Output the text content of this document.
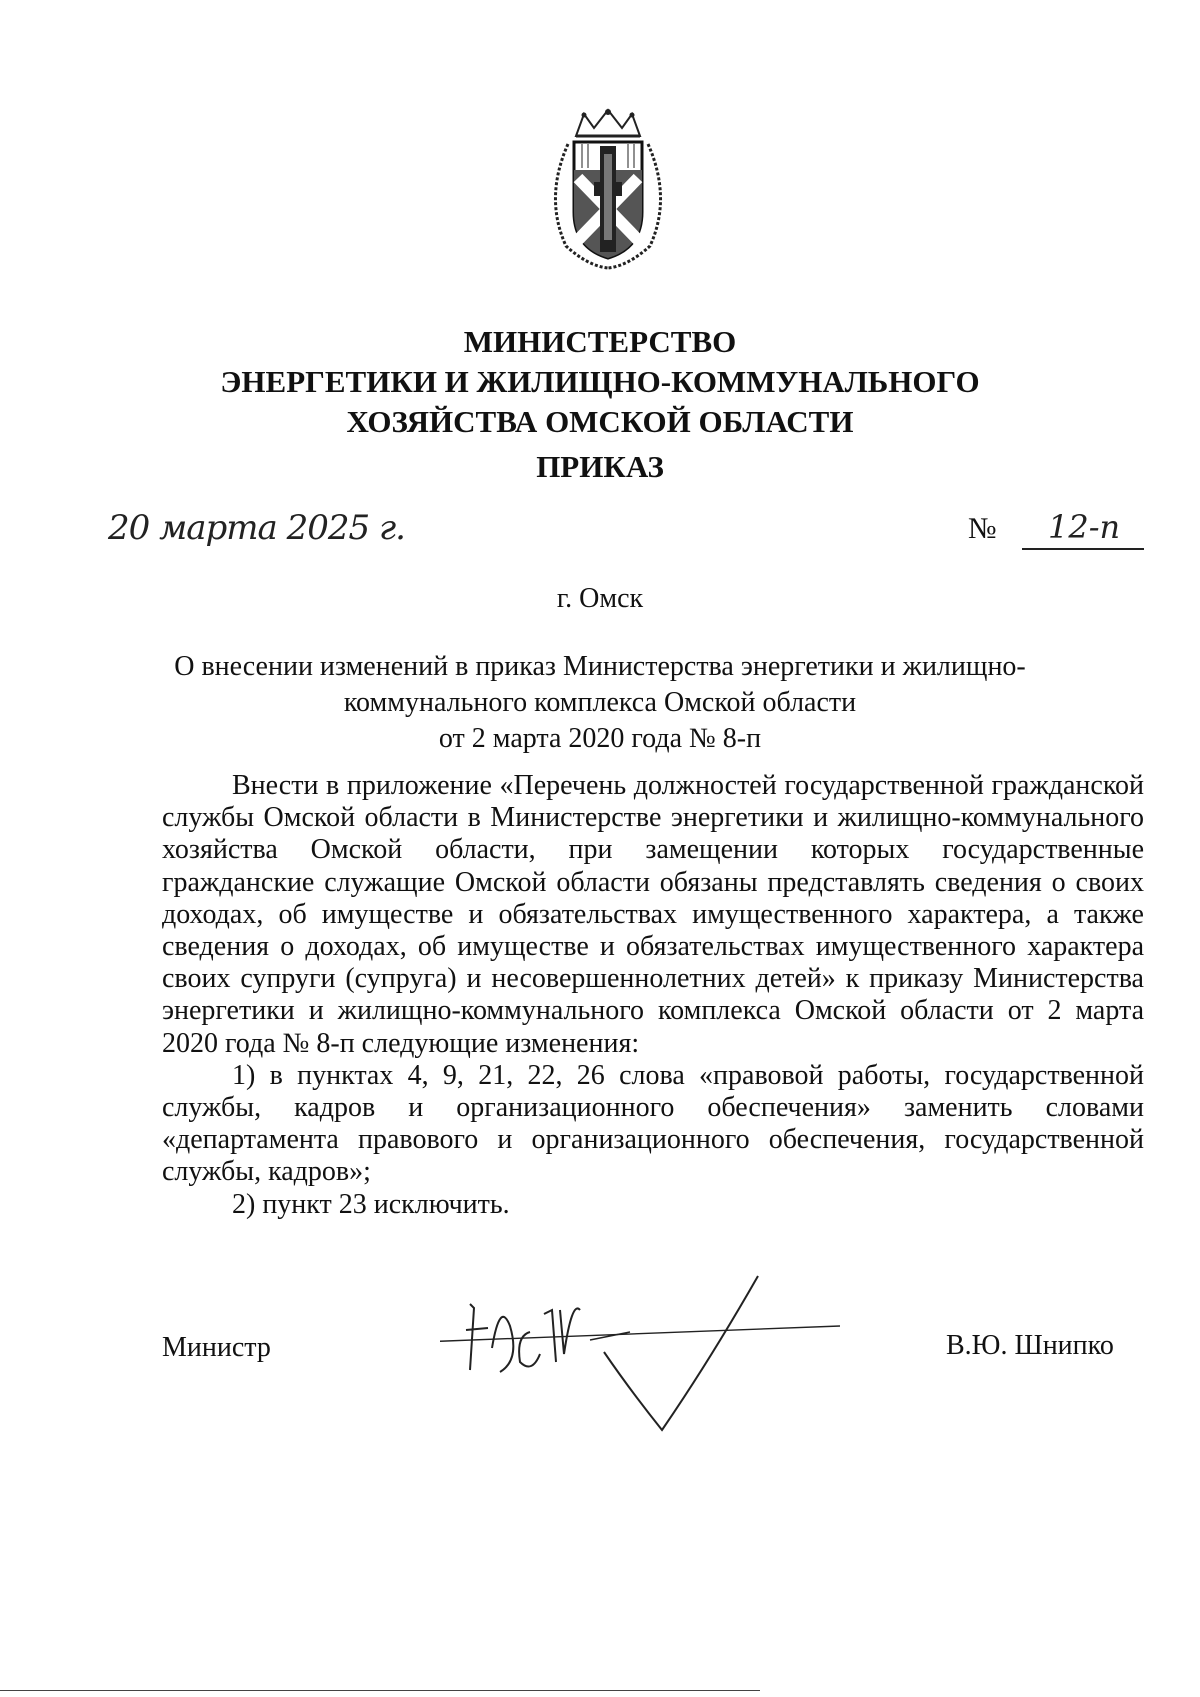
МИНИСТЕРСТВО
ЭНЕРГЕТИКИ И ЖИЛИЩНО-КОММУНАЛЬНОГО
ХОЗЯЙСТВА ОМСКОЙ ОБЛАСТИ
ПРИКАЗ
20 марта 2025 г.	№ 12-п
г. Омск
О внесении изменений в приказ Министерства энергетики и жилищно-
коммунального комплекса Омской области
от 2 марта 2020 года № 8-п

Внести в приложение «Перечень должностей государственной гражданской службы Омской области в Министерстве энергетики и жилищно-коммунального хозяйства Омской области, при замещении которых государственные гражданские служащие Омской области обязаны представлять сведения о своих доходах, об имуществе и обязательствах имущественного характера, а также сведения о доходах, об имуществе и обязательствах имущественного характера своих супруги (супруга) и несовершеннолетних детей» к приказу Министерства энергетики и жилищно-коммунального комплекса Омской области от 2 марта 2020 года № 8-п следующие изменения:

1) в пунктах 4, 9, 21, 22, 26 слова «правовой работы, государственной службы, кадров и организационного обеспечения» заменить словами «департамента правового и организационного обеспечения, государственной службы, кадров»;

2) пункт 23 исключить.

Министр	В.Ю. Шнипко
